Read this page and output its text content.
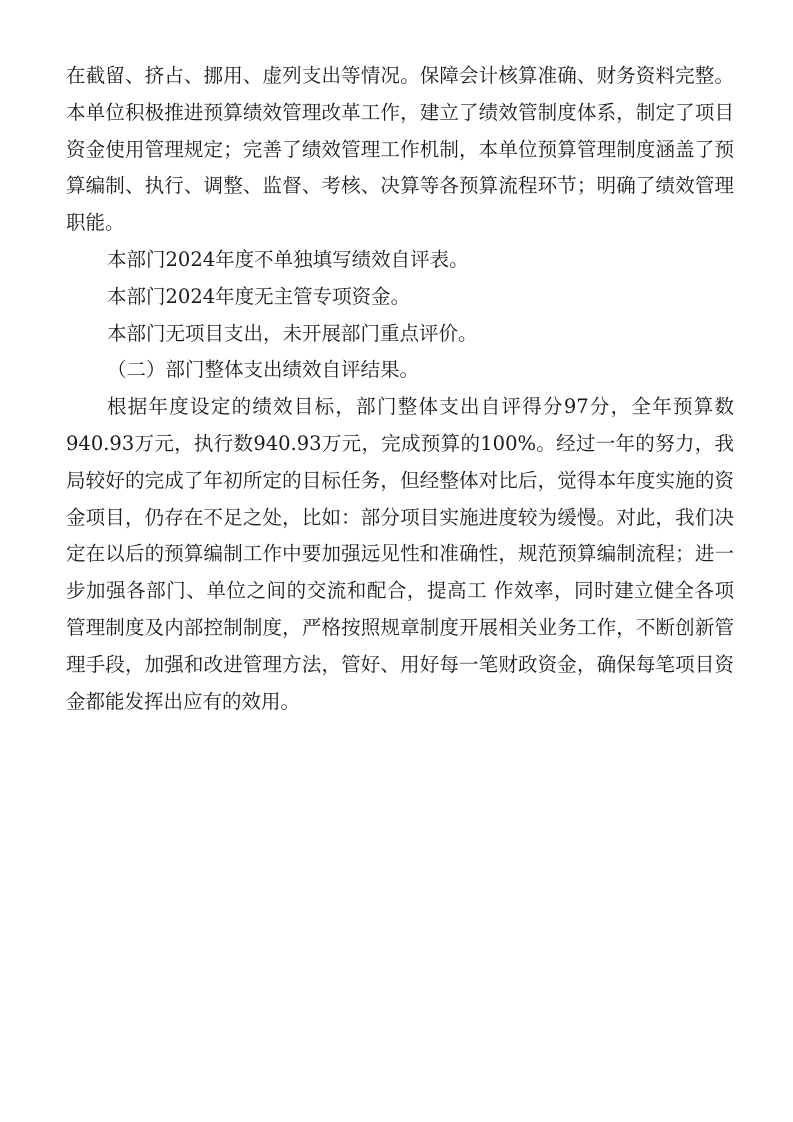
在截留、挤占、挪用、虚列支出等情况。保障会计核算准确、财务资料完整。本单位积极推进预算绩效管理改革工作，建立了绩效管制度体系，制定了项目资金使用管理规定；完善了绩效管理工作机制，本单位预算管理制度涵盖了预算编制、执行、调整、监督、考核、决算等各预算流程环节；明确了绩效管理职能。

本部门2024年度不单独填写绩效自评表。

本部门2024年度无主管专项资金。

本部门无项目支出，未开展部门重点评价。

（二）部门整体支出绩效自评结果。

根据年度设定的绩效目标，部门整体支出自评得分97分，全年预算数940.93万元，执行数940.93万元，完成预算的100%。经过一年的努力，我局较好的完成了年初所定的目标任务，但经整体对比后，觉得本年度实施的资金项目，仍存在不足之处，比如：部分项目实施进度较为缓慢。对此，我们决定在以后的预算编制工作中要加强远见性和准确性，规范预算编制流程；进一步加强各部门、单位之间的交流和配合，提高工 作效率，同时建立健全各项管理制度及内部控制制度，严格按照规章制度开展相关业务工作，不断创新管理手段，加强和改进管理方法，管好、用好每一笔财政资金，确保每笔项目资金都能发挥出应有的效用。
